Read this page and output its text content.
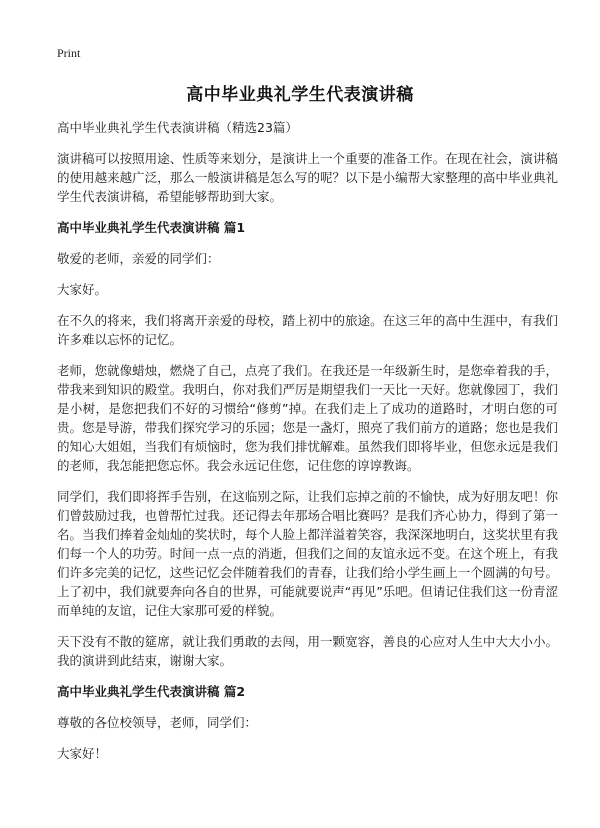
Print
高中毕业典礼学生代表演讲稿
高中毕业典礼学生代表演讲稿（精选23篇）

演讲稿可以按照用途、性质等来划分，是演讲上一个重要的准备工作。在现在社会，演讲稿的使用越来越广泛，那么一般演讲稿是怎么写的呢？以下是小编帮大家整理的高中毕业典礼学生代表演讲稿，希望能够帮助到大家。

高中毕业典礼学生代表演讲稿 篇1

敬爱的老师，亲爱的同学们：

大家好。

在不久的将来，我们将离开亲爱的母校，踏上初中的旅途。在这三年的高中生涯中，有我们许多难以忘怀的记忆。

老师，您就像蜡烛，燃烧了自己，点亮了我们。在我还是一年级新生时，是您牵着我的手，带我来到知识的殿堂。我明白，你对我们严厉是期望我们一天比一天好。您就像园丁，我们是小树，是您把我们不好的习惯给“修剪”掉。在我们走上了成功的道路时，才明白您的可贵。您是导游，带我们探究学习的乐园；您是一盏灯，照亮了我们前方的道路；您也是我们的知心大姐姐，当我们有烦恼时，您为我们排忧解难。虽然我们即将毕业，但您永远是我们的老师，我怎能把您忘怀。我会永远记住您，记住您的谆谆教诲。

同学们，我们即将挥手告别，在这临别之际，让我们忘掉之前的不愉快，成为好朋友吧！你们曾鼓励过我，也曾帮忙过我。还记得去年那场合唱比赛吗？是我们齐心协力，得到了第一名。当我们捧着金灿灿的奖状时，每个人脸上都洋溢着笑容，我深深地明白，这奖状里有我们每一个人的功劳。时间一点一点的消逝，但我们之间的友谊永远不变。在这个班上，有我们许多完美的记忆，这些记忆会伴随着我们的青春，让我们给小学生画上一个圆满的句号。上了初中，我们就要奔向各自的世界，可能就要说声“再见”乐吧。但请记住我们这一份青涩而单纯的友谊，记住大家那可爱的样貌。

天下没有不散的筵席，就让我们勇敢的去闯，用一颗宽容，善良的心应对人生中大大小小。我的演讲到此结束，谢谢大家。

高中毕业典礼学生代表演讲稿 篇2

尊敬的各位校领导，老师，同学们：

大家好！
